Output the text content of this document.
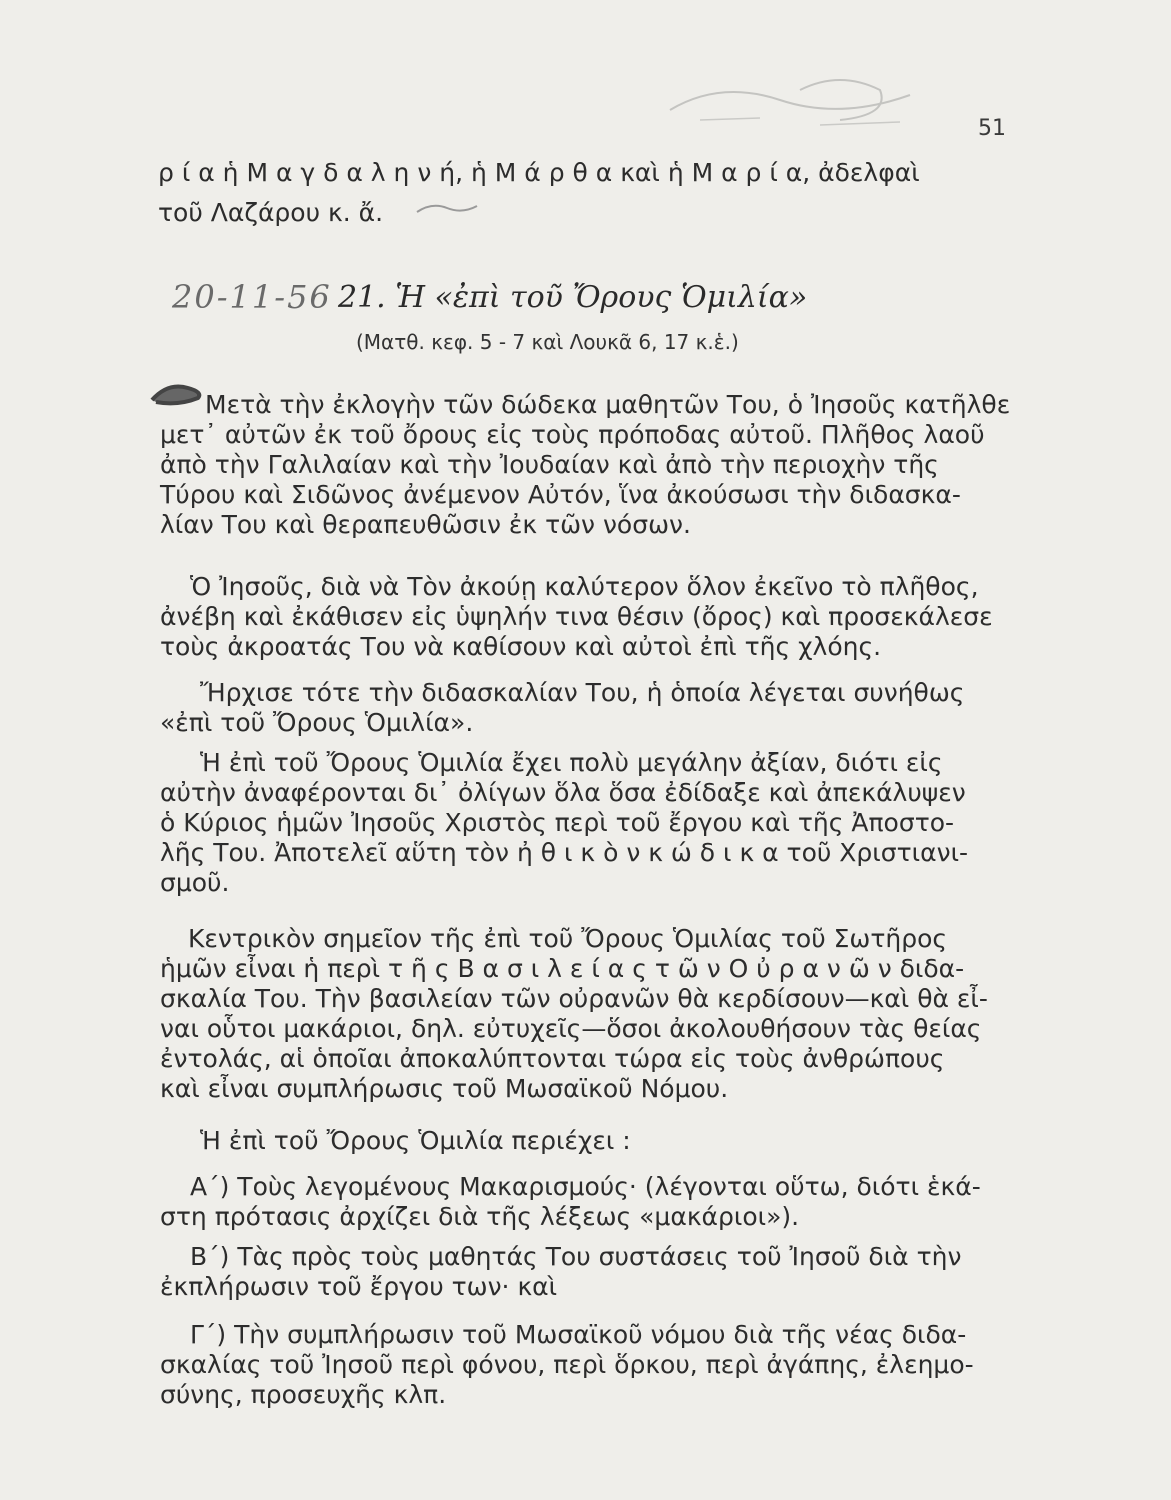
51
ρ ί α ἡ Μ α γ δ α λ η ν ή, ἡ Μ ά ρ θ α καὶ ἡ Μ α ρ ί α, ἀδελφαὶ
τοῦ Λαζάρου κ. ἄ.
20-11-56 21. Ἡ «ἐπὶ τοῦ Ὄρους Ὁμιλία»
(Ματθ. κεφ. 5 - 7 καὶ Λουκᾶ 6, 17 κ.ἑ.)
Μετὰ τὴν ἐκλογὴν τῶν δώδεκα μαθητῶν Του, ὁ Ἰησοῦς κατῆλθε
μετ᾽ αὐτῶν ἐκ τοῦ ὄρους εἰς τοὺς πρόποδας αὐτοῦ. Πλῆθος λαοῦ
ἀπὸ τὴν Γαλιλαίαν καὶ τὴν Ἰουδαίαν καὶ ἀπὸ τὴν περιοχὴν τῆς
Τύρου καὶ Σιδῶνος ἀνέμενον Αὐτόν, ἵνα ἀκούσωσι τὴν διδασκα-
λίαν Του καὶ θεραπευθῶσιν ἐκ τῶν νόσων.
Ὁ Ἰησοῦς, διὰ νὰ Τὸν ἀκούῃ καλύτερον ὅλον ἐκεῖνο τὸ πλῆθος,
ἀνέβη καὶ ἐκάθισεν εἰς ὑψηλήν τινα θέσιν (ὄρος) καὶ προσεκάλεσε
τοὺς ἀκροατάς Του νὰ καθίσουν καὶ αὐτοὶ ἐπὶ τῆς χλόης.
Ἤρχισε τότε τὴν διδασκαλίαν Του, ἡ ὁποία λέγεται συνήθως
«ἐπὶ τοῦ Ὄρους Ὁμιλία».
Ἡ ἐπὶ τοῦ Ὄρους Ὁμιλία ἔχει πολὺ μεγάλην ἀξίαν, διότι εἰς
αὐτὴν ἀναφέρονται δι᾽ ὀλίγων ὅλα ὅσα ἐδίδαξε καὶ ἀπεκάλυψεν
ὁ Κύριος ἡμῶν Ἰησοῦς Χριστὸς περὶ τοῦ ἔργου καὶ τῆς Ἀποστο-
λῆς Του. Ἀποτελεῖ αὕτη τὸν ἠ θ ι κ ὸ ν κ ώ δ ι κ α τοῦ Χριστιανι-
σμοῦ.
Κεντρικὸν σημεῖον τῆς ἐπὶ τοῦ Ὄρους Ὁμιλίας τοῦ Σωτῆρος
ἡμῶν εἶναι ἡ περὶ τ ῆ ς Β α σ ι λ ε ί α ς τ ῶ ν Ο ὐ ρ α ν ῶ ν διδα-
σκαλία Του. Τὴν βασιλείαν τῶν οὐρανῶν θὰ κερδίσουν—καὶ θὰ εἶ-
ναι οὗτοι μακάριοι, δηλ. εὐτυχεῖς—ὅσοι ἀκολουθήσουν τὰς θείας
ἐντολάς, αἱ ὁποῖαι ἀποκαλύπτονται τώρα εἰς τοὺς ἀνθρώπους
καὶ εἶναι συμπλήρωσις τοῦ Μωσαϊκοῦ Νόμου.
Ἡ ἐπὶ τοῦ Ὄρους Ὁμιλία περιέχει :
Α΄) Τοὺς λεγομένους Μακαρισμούς· (λέγονται οὕτω, διότι ἑκά-
στη πρότασις ἀρχίζει διὰ τῆς λέξεως «μακάριοι»).
Β΄) Τὰς πρὸς τοὺς μαθητάς Του συστάσεις τοῦ Ἰησοῦ διὰ τὴν
ἐκπλήρωσιν τοῦ ἔργου των· καὶ
Γ΄) Τὴν συμπλήρωσιν τοῦ Μωσαϊκοῦ νόμου διὰ τῆς νέας διδα-
σκαλίας τοῦ Ἰησοῦ περὶ φόνου, περὶ ὅρκου, περὶ ἀγάπης, ἐλεημο-
σύνης, προσευχῆς κλπ.
